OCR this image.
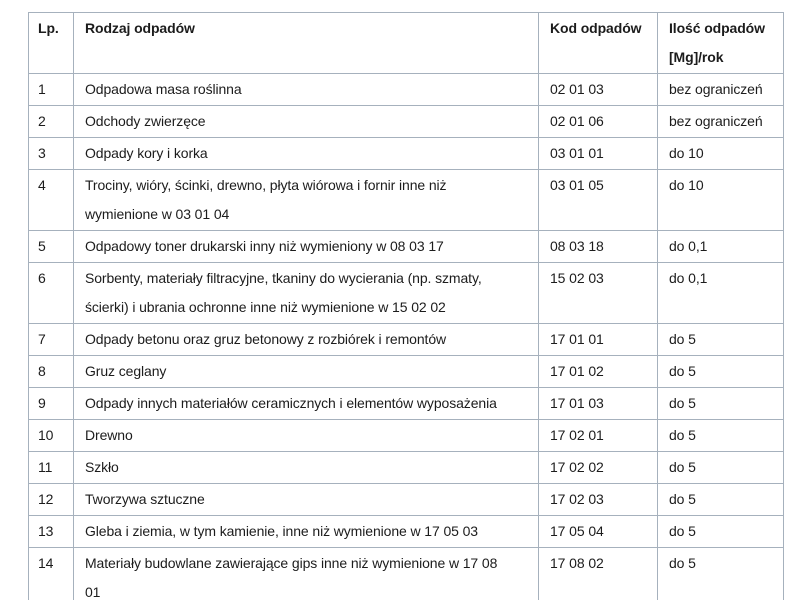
Lp.	Rodzaj odpadów	Kod odpadów	Ilość odpadów
[Mg]/rok

1	Odpadowa masa roślinna	02 01 03	bez ograniczeń
2	Odchody zwierzęce	02 01 06	bez ograniczeń
3	Odpady kory i korka	03 01 01	do 10
4	Trociny, wióry, ścinki, drewno, płyta wiórowa i fornir inne niż
wymienione w 03 01 04	03 01 05	do 10
5	Odpadowy toner drukarski inny niż wymieniony w 08 03 17	08 03 18	do 0,1
6	Sorbenty, materiały filtracyjne, tkaniny do wycierania (np. szmaty,
ścierki) i ubrania ochronne inne niż wymienione w 15 02 02	15 02 03	do 0,1
7	Odpady betonu oraz gruz betonowy z rozbiórek i remontów	17 01 01	do 5
8	Gruz ceglany	17 01 02	do 5
9	Odpady innych materiałów ceramicznych i elementów wyposażenia	17 01 03	do 5
10	Drewno	17 02 01	do 5
11	Szkło	17 02 02	do 5
12	Tworzywa sztuczne	17 02 03	do 5
13	Gleba i ziemia, w tym kamienie, inne niż wymienione w 17 05 03	17 05 04	do 5
14	Materiały budowlane zawierające gips inne niż wymienione w 17 08
01	17 08 02	do 5
